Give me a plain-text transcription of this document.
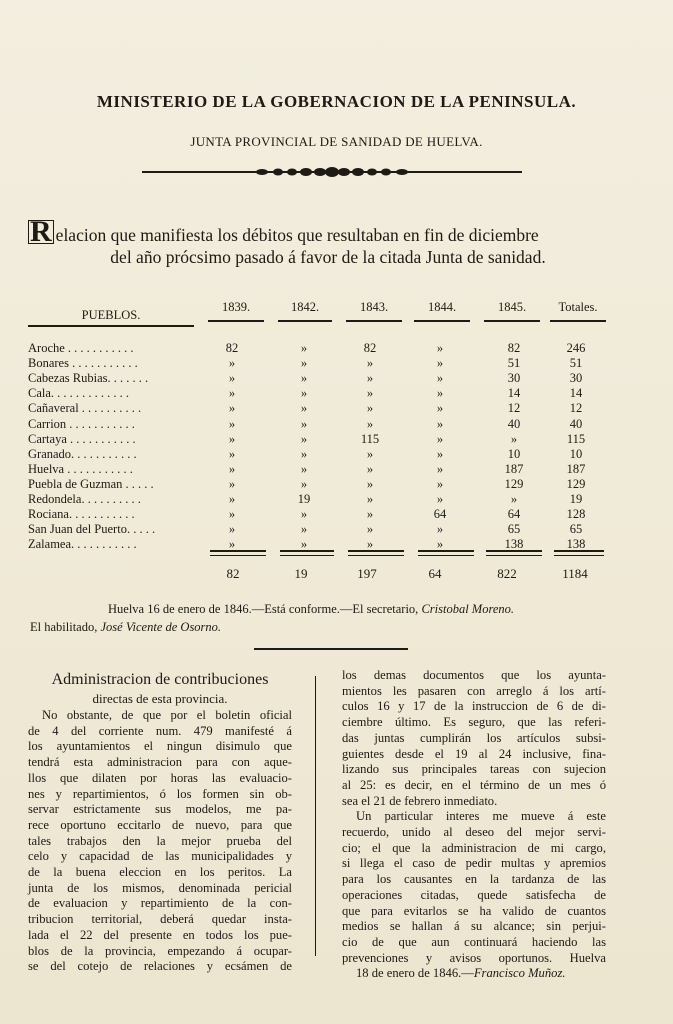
MINISTERIO DE LA GOBERNACION DE LA PENINSULA.
JUNTA PROVINCIAL DE SANIDAD DE HUELVA.
R elacion que manifiesta los débitos que resultaban en fin de diciembre
del año prócsimo pasado á favor de la citada Junta de sanidad.
PUEBLOS.
1839.	1842.	1843.	1844.	1845.	Totales.
Aroche . . . . . . . . . . .	82	»	82	»	82	246
Bonares . . . . . . . . . . .	»	»	»	»	51	51
Cabezas Rubias. . . . . . .	»	»	»	»	30	30
Cala. . . . . . . . . . . . .	»	»	»	»	14	14
Cañaveral . . . . . . . . . .	»	»	»	»	12	12
Carrion . . . . . . . . . . .	»	»	»	»	40	40
Cartaya . . . . . . . . . . .	»	»	115	»	»	115
Granado. . . . . . . . . . .	»	»	»	»	10	10
Huelva . . . . . . . . . . .	»	»	»	»	187	187
Puebla de Guzman . . . . .	»	»	»	»	129	129
Redondela. . . . . . . . . .	»	19	»	»	»	19
Rociana. . . . . . . . . . .	»	»	»	64	64	128
San Juan del Puerto. . . . .	»	»	»	»	65	65
Zalamea. . . . . . . . . . .	»	»	»	»	138	138
82	19	197	64	822	1184
Huelva 16 de enero de 1846.—Está conforme.—El secretario, Cristobal Moreno.
El habilitado, José Vicente de Osorno.

Administracion de contribuciones

directas de esta provincia.

No obstante, de que por el boletin oficial

de 4 del corriente num. 479 manifesté á

los ayuntamientos el ningun disimulo que

tendrá esta administracion para con aque-

llos que dilaten por horas las evaluacio-

nes y repartimientos, ó los formen sin ob-

servar estrictamente sus modelos, me pa-

rece oportuno eccitarlo de nuevo, para que

tales trabajos den la mejor prueba del

celo y capacidad de las municipalidades y

de la buena eleccion en los peritos. La

junta de los mismos, denominada pericial

de evaluacion y repartimiento de la con-

tribucion territorial, deberá quedar insta-

lada el 22 del presente en todos los pue-

blos de la provincia, empezando á ocupar-

se del cotejo de relaciones y ecsámen de

los demas documentos que los ayunta-

mientos les pasaren con arreglo á los artí-

culos 16 y 17 de la instruccion de 6 de di-

ciembre último. Es seguro, que las referi-

das juntas cumplirán los artículos subsi-

guientes desde el 19 al 24 inclusive, fina-

lizando sus principales tareas con sujecion

al 25: es decir, en el término de un mes ó

sea el 21 de febrero inmediato.

Un particular interes me mueve á este

recuerdo, unido al deseo del mejor servi-

cio; el que la administracion de mi cargo,

si llega el caso de pedir multas y apremios

para los causantes en la tardanza de las

operaciones citadas, quede satisfecha de

que para evitarlos se ha valido de cuantos

medios se hallan á su alcance; sin perjui-

cio de que aun continuará haciendo las

prevenciones y avisos oportunos. Huelva

18 de enero de 1846.—Francisco Muñoz.
